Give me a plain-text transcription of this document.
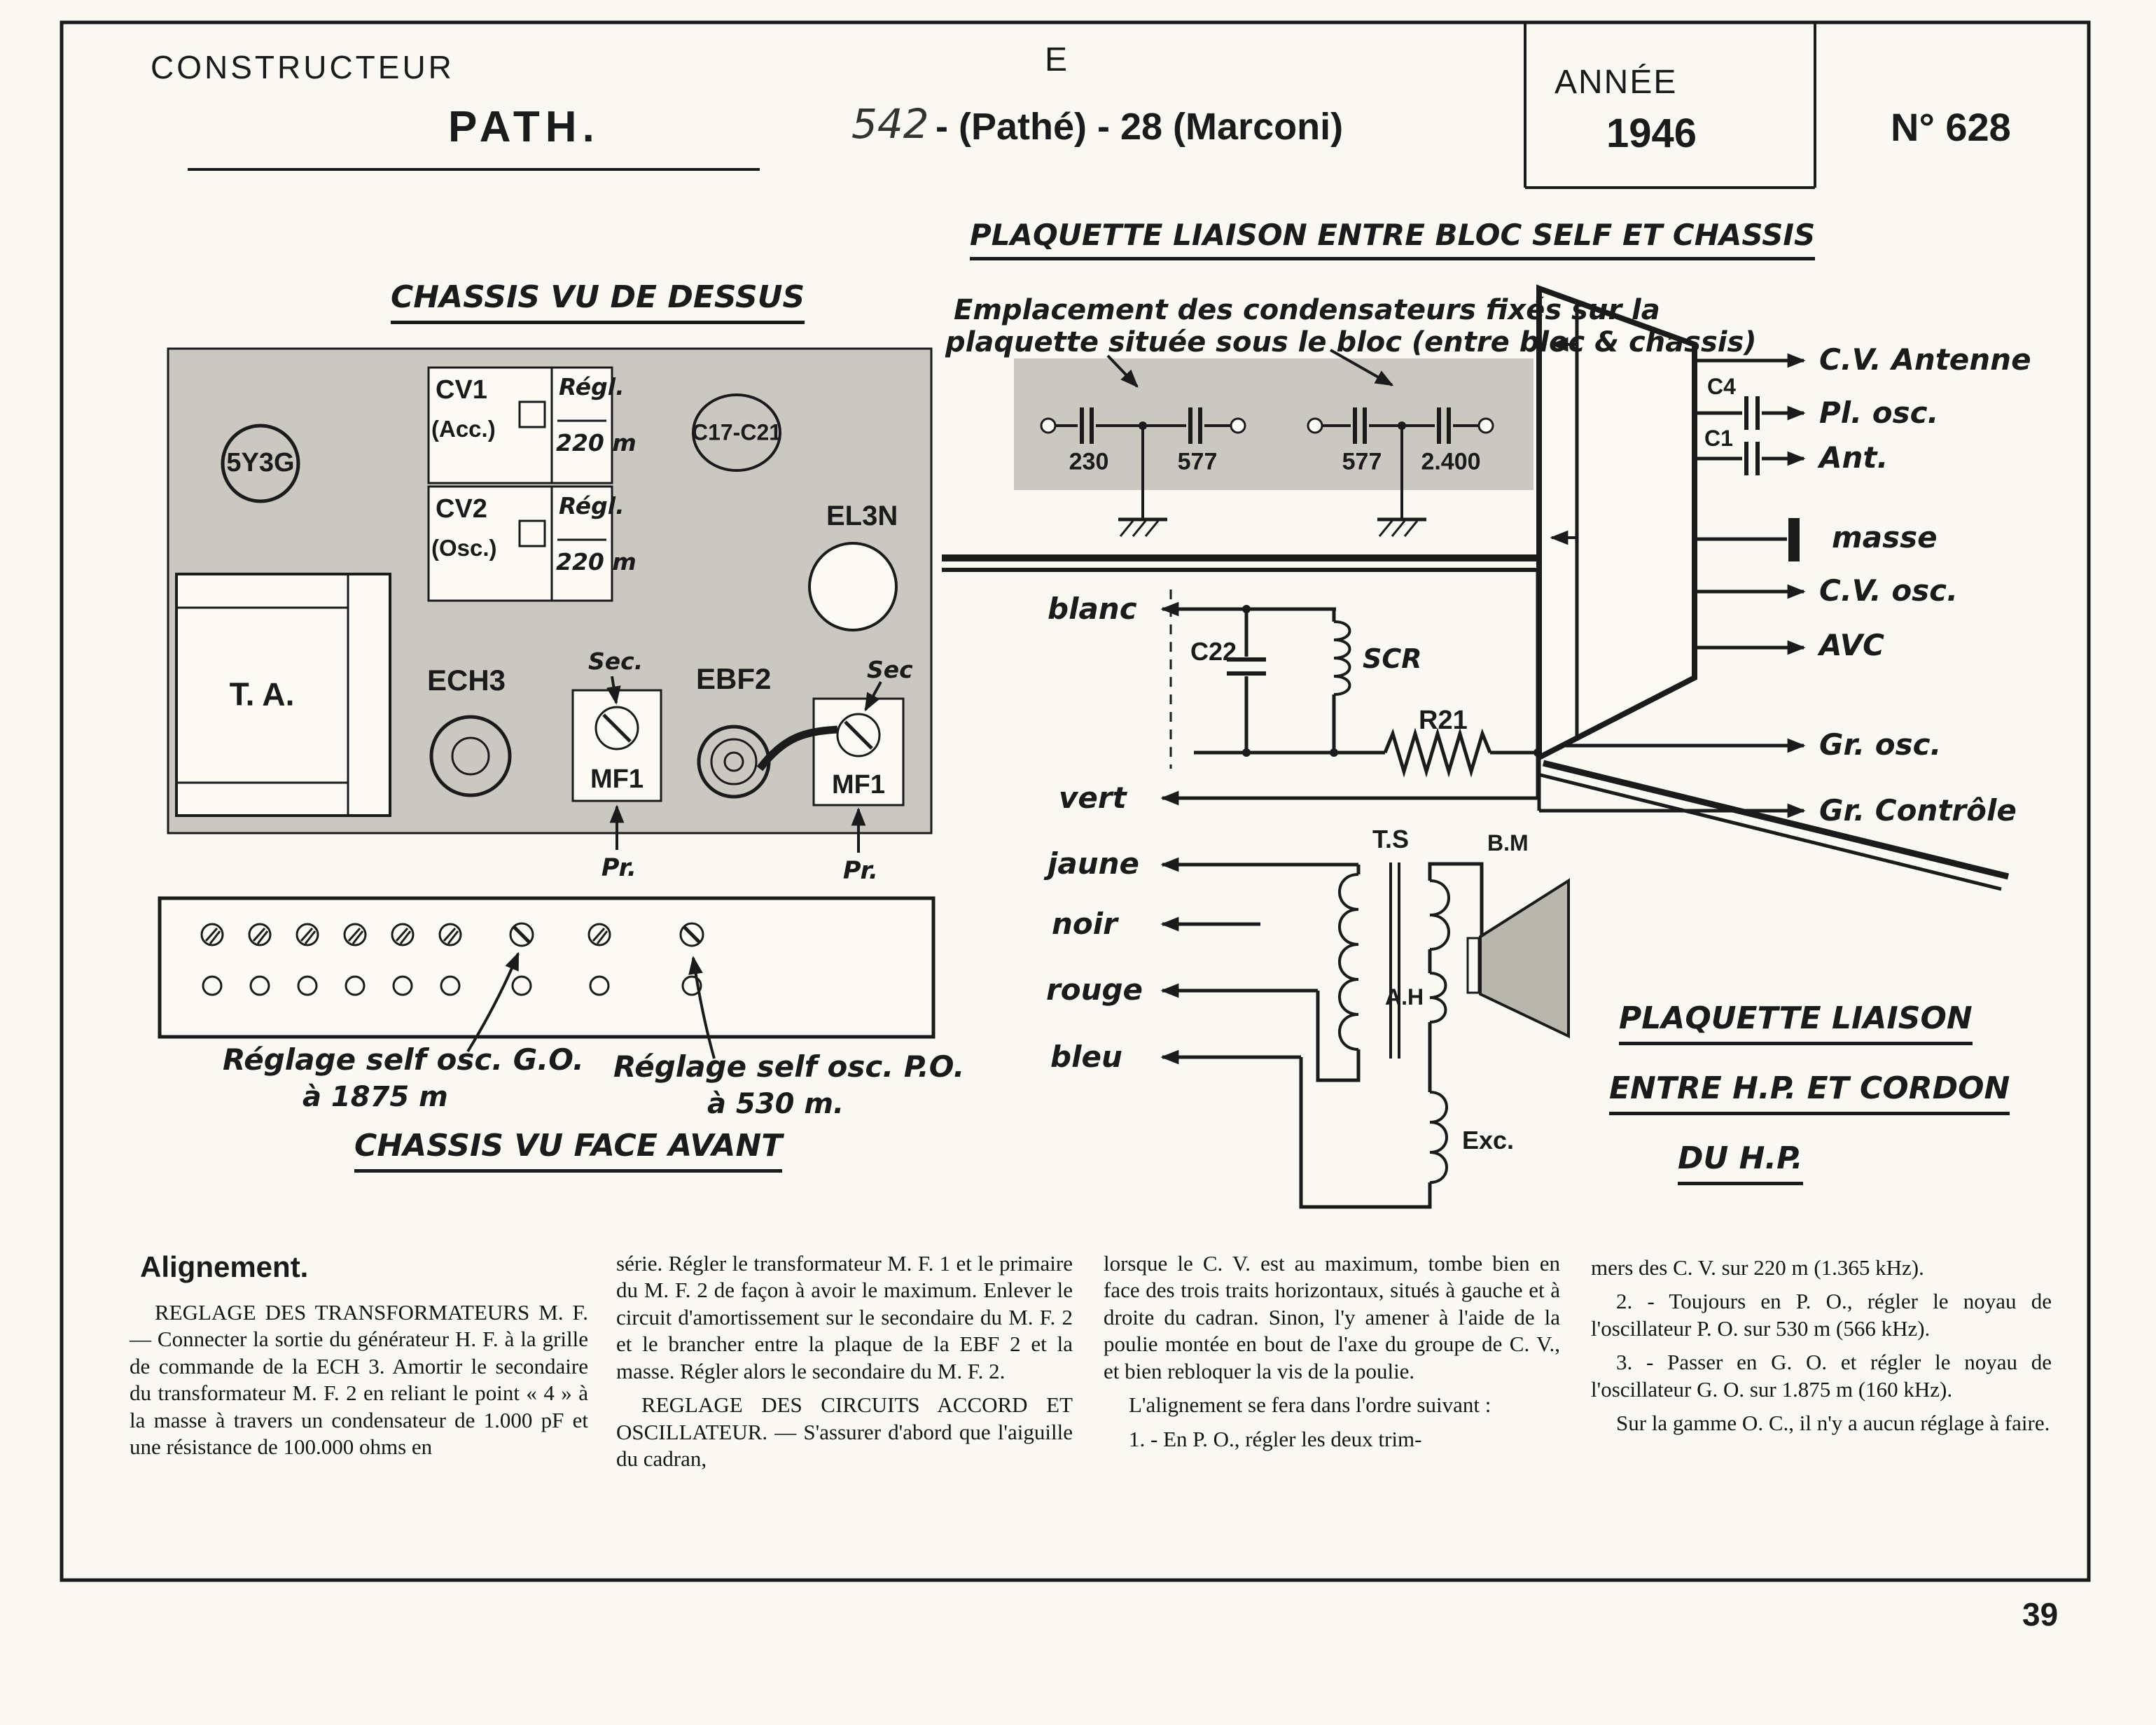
CONSTRUCTEUR
PATH.
E
542 - (Pathé) - 28 (Marconi)
ANNÉE
1946	N° 628
PLAQUETTE LIAISON ENTRE BLOC SELF ET CHASSIS
CHASSIS VU DE DESSUS
CHASSIS VU FACE AVANT
PLAQUETTE LIAISON
ENTRE H.P. ET CORDON
DU H.P.
Emplacement des condensateurs fixés sur la
plaquette située sous le bloc (entre bloc & chassis)
5Y3G
CV1
(Acc.)
Régl.
220 m
CV2
(Osc.)
Régl.
220 m
C17-C21
EL3N
T. A.	ECH3
Sec.
MF1
EBF2	Sec
MF1
Pr.	Pr.
Réglage self osc. G.O.
à 1875 m
Réglage self osc. P.O.
à 530 m.
230	577	577 2.400
blanc
vert
jaune
noir
rouge
bleu
C22	SCR
R21
T.S	B.M
A.H
Exc.
C4
C1
C.V. Antenne
Pl. osc.
Ant.
masse
C.V. osc.
AVC
Gr. osc.
Gr. Contrôle
Alignement.

REGLAGE DES TRANSFORMATEURS M. F. — Connecter la sortie du générateur H. F. à la grille de commande de la ECH 3. Amortir le secondaire du transformateur M. F. 2 en reliant le point « 4 » à la masse à travers un condensateur de 1.000 pF et une résistance de 100.000 ohms en

série. Régler le transformateur M. F. 1 et le primaire du M. F. 2 de façon à avoir le maximum. Enlever le circuit d'amortissement sur le secondaire du M. F. 2 et le brancher entre la plaque de la EBF 2 et la masse. Régler alors le secondaire du M. F. 2.

REGLAGE DES CIRCUITS ACCORD ET OSCILLATEUR. — S'assurer d'abord que l'aiguille du cadran,

lorsque le C. V. est au maximum, tombe bien en face des trois traits horizontaux, situés à gauche et à droite du cadran. Sinon, l'y amener à l'aide de la poulie montée en bout de l'axe du groupe de C. V., et bien rebloquer la vis de la poulie.

L'alignement se fera dans l'ordre suivant :

1. - En P. O., régler les deux trim-

mers des C. V. sur 220 m (1.365 kHz).

2. - Toujours en P. O., régler le noyau de l'oscillateur P. O. sur 530 m (566 kHz).

3. - Passer en G. O. et régler le noyau de l'oscillateur G. O. sur 1.875 m (160 kHz).

Sur la gamme O. C., il n'y a aucun réglage à faire.

39
